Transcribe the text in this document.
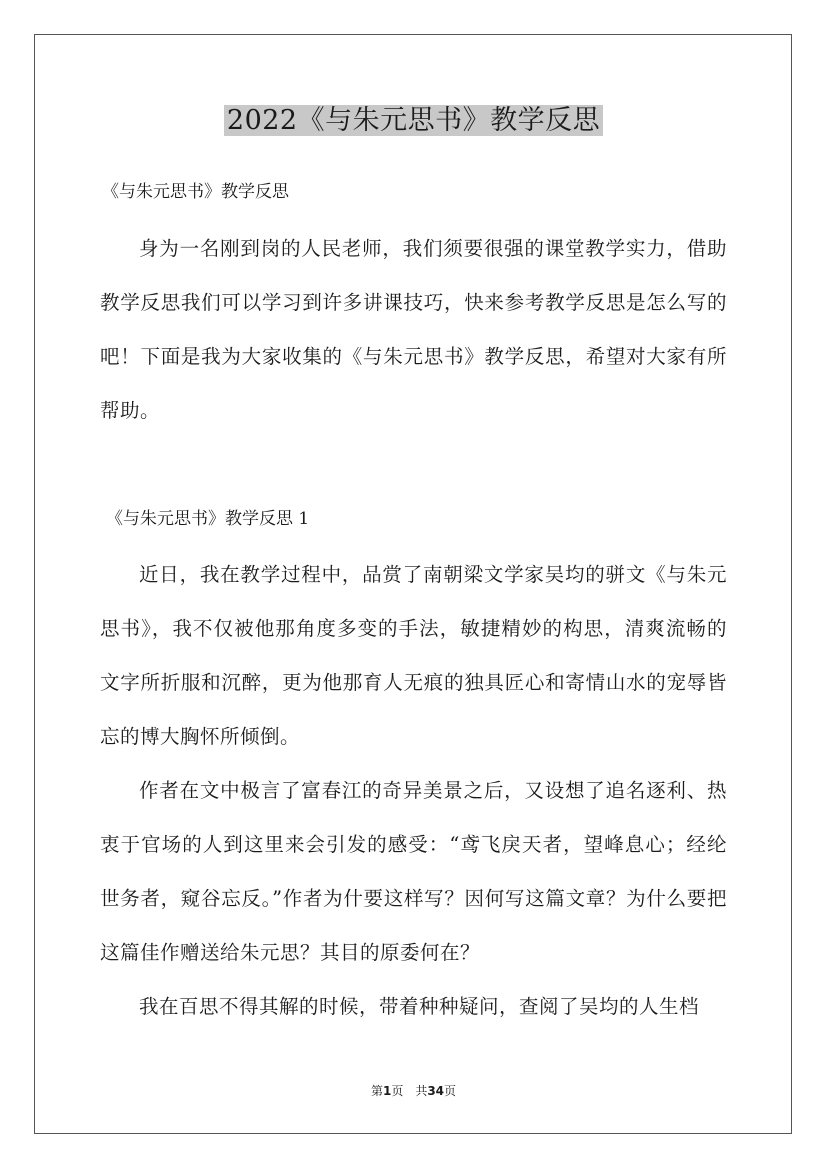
2022《与朱元思书》教学反思

《与朱元思书》教学反思

身为一名刚到岗的人民老师，我们须要很强的课堂教学实力，借助教学反思我们可以学习到许多讲课技巧，快来参考教学反思是怎么写的吧！下面是我为大家收集的《与朱元思书》教学反思，希望对大家有所帮助。

《与朱元思书》教学反思 1

近日，我在教学过程中，品赏了南朝梁文学家吴均的骈文《与朱元思书》，我不仅被他那角度多变的手法，敏捷精妙的构思，清爽流畅的文字所折服和沉醉，更为他那育人无痕的独具匠心和寄情山水的宠辱皆忘的博大胸怀所倾倒。

作者在文中极言了富春江的奇异美景之后，又设想了追名逐利、热衷于官场的人到这里来会引发的感受：“鸢飞戾天者，望峰息心；经纶世务者，窥谷忘反。”作者为什要这样写？因何写这篇文章？为什么要把这篇佳作赠送给朱元思？其目的原委何在？

我在百思不得其解的时候，带着种种疑问，查阅了吴均的人生档

第1页　共34页
